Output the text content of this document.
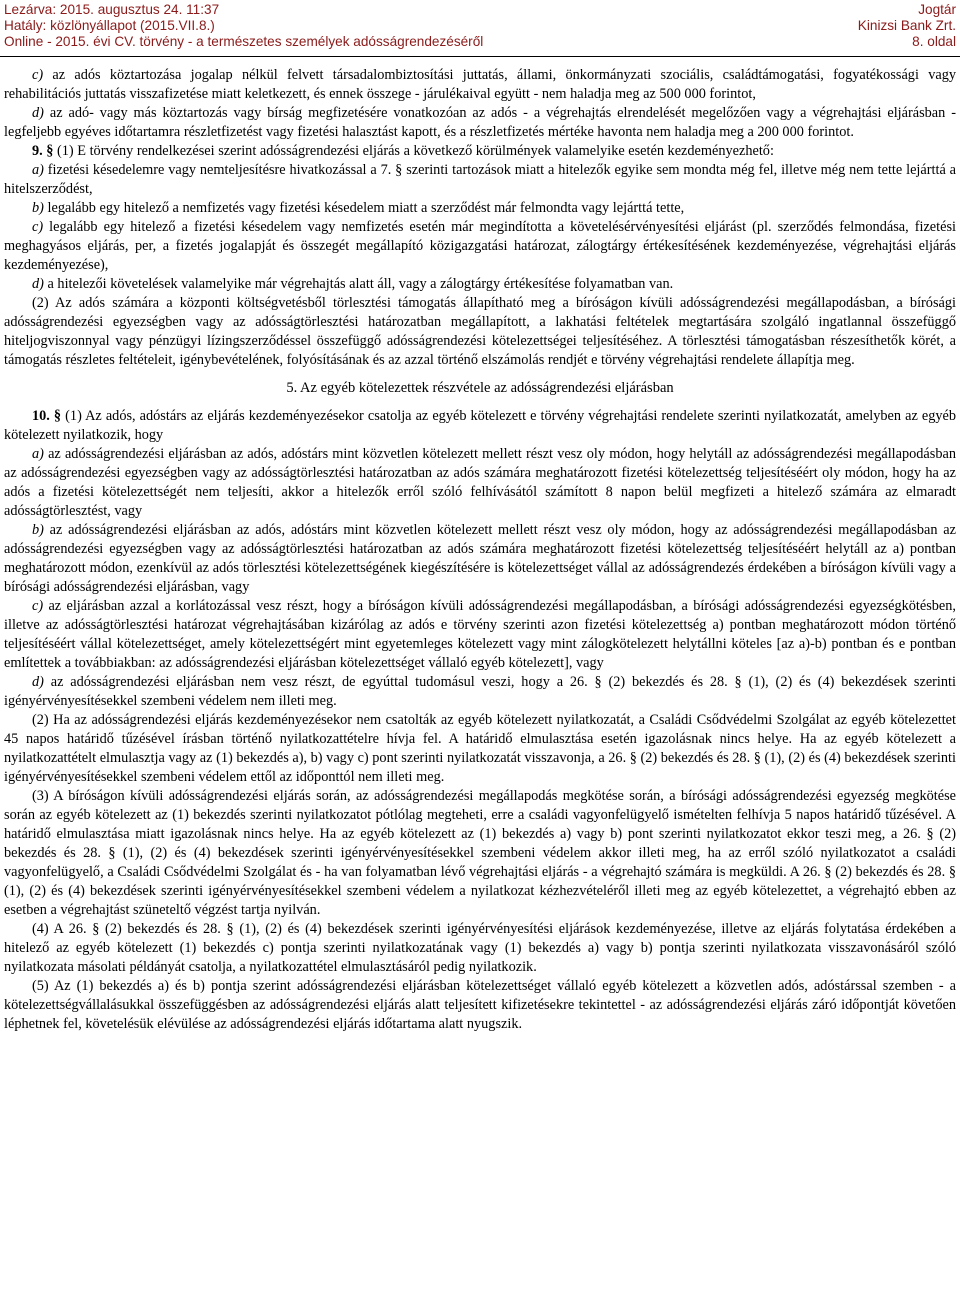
Lezárva: 2015. augusztus 24. 11:37
Hatály: közlönyállapot (2015.VII.8.)
Online - 2015. évi CV. törvény - a természetes személyek adósságrendezéséről
Jogtár
Kinizsi Bank Zrt.
8. oldal

c) az adós köztartozása jogalap nélkül felvett társadalombiztosítási juttatás, állami, önkormányzati szociális, családtámogatási, fogyatékossági vagy rehabilitációs juttatás visszafizetése miatt keletkezett, és ennek összege - járulékaival együtt - nem haladja meg az 500 000 forintot,

d) az adó- vagy más köztartozás vagy bírság megfizetésére vonatkozóan az adós - a végrehajtás elrendelését megelőzően vagy a végrehajtási eljárásban - legfeljebb egyéves időtartamra részletfizetést vagy fizetési halasztást kapott, és a részletfizetés mértéke havonta nem haladja meg a 200 000 forintot.

9. § (1) E törvény rendelkezései szerint adósságrendezési eljárás a következő körülmények valamelyike esetén kezdeményezhető:

a) fizetési késedelemre vagy nemteljesítésre hivatkozással a 7. § szerinti tartozások miatt a hitelezők egyike sem mondta még fel, illetve még nem tette lejárttá a hitelszerződést,

b) legalább egy hitelező a nemfizetés vagy fizetési késedelem miatt a szerződést már felmondta vagy lejárttá tette,

c) legalább egy hitelező a fizetési késedelem vagy nemfizetés esetén már megindította a követelésérvényesítési eljárást (pl. szerződés felmondása, fizetési meghagyásos eljárás, per, a fizetés jogalapját és összegét megállapító közigazgatási határozat, zálogtárgy értékesítésének kezdeményezése, végrehajtási eljárás kezdeményezése),

d) a hitelezői követelések valamelyike már végrehajtás alatt áll, vagy a zálogtárgy értékesítése folyamatban van.

(2) Az adós számára a központi költségvetésből törlesztési támogatás állapítható meg a bíróságon kívüli adósságrendezési megállapodásban, a bírósági adósságrendezési egyezségben vagy az adósságtörlesztési határozatban megállapított, a lakhatási feltételek megtartására szolgáló ingatlannal összefüggő hiteljogviszonnyal vagy pénzügyi lízingszerződéssel összefüggő adósságrendezési kötelezettségei teljesítéséhez. A törlesztési támogatásban részesíthetők körét, a támogatás részletes feltételeit, igénybevételének, folyósításának és az azzal történő elszámolás rendjét e törvény végrehajtási rendelete állapítja meg.

5. Az egyéb kötelezettek részvétele az adósságrendezési eljárásban

10. § (1) Az adós, adóstárs az eljárás kezdeményezésekor csatolja az egyéb kötelezett e törvény végrehajtási rendelete szerinti nyilatkozatát, amelyben az egyéb kötelezett nyilatkozik, hogy

a) az adósságrendezési eljárásban az adós, adóstárs mint közvetlen kötelezett mellett részt vesz oly módon, hogy helytáll az adósságrendezési megállapodásban az adósságrendezési egyezségben vagy az adósságtörlesztési határozatban az adós számára meghatározott fizetési kötelezettség teljesítéséért oly módon, hogy ha az adós a fizetési kötelezettségét nem teljesíti, akkor a hitelezők erről szóló felhívásától számított 8 napon belül megfizeti a hitelező számára az elmaradt adósságtörlesztést, vagy

b) az adósságrendezési eljárásban az adós, adóstárs mint közvetlen kötelezett mellett részt vesz oly módon, hogy az adósságrendezési megállapodásban az adósságrendezési egyezségben vagy az adósságtörlesztési határozatban az adós számára meghatározott fizetési kötelezettség teljesítéséért helytáll az a) pontban meghatározott módon, ezenkívül az adós törlesztési kötelezettségének kiegészítésére is kötelezettséget vállal az adósságrendezés érdekében a bíróságon kívüli vagy a bírósági adósságrendezési eljárásban, vagy

c) az eljárásban azzal a korlátozással vesz részt, hogy a bíróságon kívüli adósságrendezési megállapodásban, a bírósági adósságrendezési egyezségkötésben, illetve az adósságtörlesztési határozat végrehajtásában kizárólag az adós e törvény szerinti azon fizetési kötelezettség a) pontban meghatározott módon történő teljesítéséért vállal kötelezettséget, amely kötelezettségért mint egyetemleges kötelezett vagy mint zálogkötelezett helytállni köteles [az a)-b) pontban és e pontban említettek a továbbiakban: az adósságrendezési eljárásban kötelezettséget vállaló egyéb kötelezett], vagy

d) az adósságrendezési eljárásban nem vesz részt, de egyúttal tudomásul veszi, hogy a 26. § (2) bekezdés és 28. § (1), (2) és (4) bekezdések szerinti igényérvényesítésekkel szembeni védelem nem illeti meg.

(2) Ha az adósságrendezési eljárás kezdeményezésekor nem csatolták az egyéb kötelezett nyilatkozatát, a Családi Csődvédelmi Szolgálat az egyéb kötelezettet 45 napos határidő tűzésével írásban történő nyilatkozattételre hívja fel. A határidő elmulasztása esetén igazolásnak nincs helye. Ha az egyéb kötelezett a nyilatkozattételt elmulasztja vagy az (1) bekezdés a), b) vagy c) pont szerinti nyilatkozatát visszavonja, a 26. § (2) bekezdés és 28. § (1), (2) és (4) bekezdések szerinti igényérvényesítésekkel szembeni védelem ettől az időponttól nem illeti meg.

(3) A bíróságon kívüli adósságrendezési eljárás során, az adósságrendezési megállapodás megkötése során, a bírósági adósságrendezési egyezség megkötése során az egyéb kötelezett az (1) bekezdés szerinti nyilatkozatot pótlólag megteheti, erre a családi vagyonfelügyelő ismételten felhívja 5 napos határidő tűzésével. A határidő elmulasztása miatt igazolásnak nincs helye. Ha az egyéb kötelezett az (1) bekezdés a) vagy b) pont szerinti nyilatkozatot ekkor teszi meg, a 26. § (2) bekezdés és 28. § (1), (2) és (4) bekezdések szerinti igényérvényesítésekkel szembeni védelem akkor illeti meg, ha az erről szóló nyilatkozatot a családi vagyonfelügyelő, a Családi Csődvédelmi Szolgálat és - ha van folyamatban lévő végrehajtási eljárás - a végrehajtó számára is megküldi. A 26. § (2) bekezdés és 28. § (1), (2) és (4) bekezdések szerinti igényérvényesítésekkel szembeni védelem a nyilatkozat kézhezvételéről illeti meg az egyéb kötelezettet, a végrehajtó ebben az esetben a végrehajtást szüneteltő végzést tartja nyilván.

(4) A 26. § (2) bekezdés és 28. § (1), (2) és (4) bekezdések szerinti igényérvényesítési eljárások kezdeményezése, illetve az eljárás folytatása érdekében a hitelező az egyéb kötelezett (1) bekezdés c) pontja szerinti nyilatkozatának vagy (1) bekezdés a) vagy b) pontja szerinti nyilatkozata visszavonásáról szóló nyilatkozata másolati példányát csatolja, a nyilatkozattétel elmulasztásáról pedig nyilatkozik.

(5) Az (1) bekezdés a) és b) pontja szerint adósságrendezési eljárásban kötelezettséget vállaló egyéb kötelezett a közvetlen adós, adóstárssal szemben - a kötelezettségvállalásukkal összefüggésben az adósságrendezési eljárás alatt teljesített kifizetésekre tekintettel - az adósságrendezési eljárás záró időpontját követően léphetnek fel, követelésük elévülése az adósságrendezési eljárás időtartama alatt nyugszik.
